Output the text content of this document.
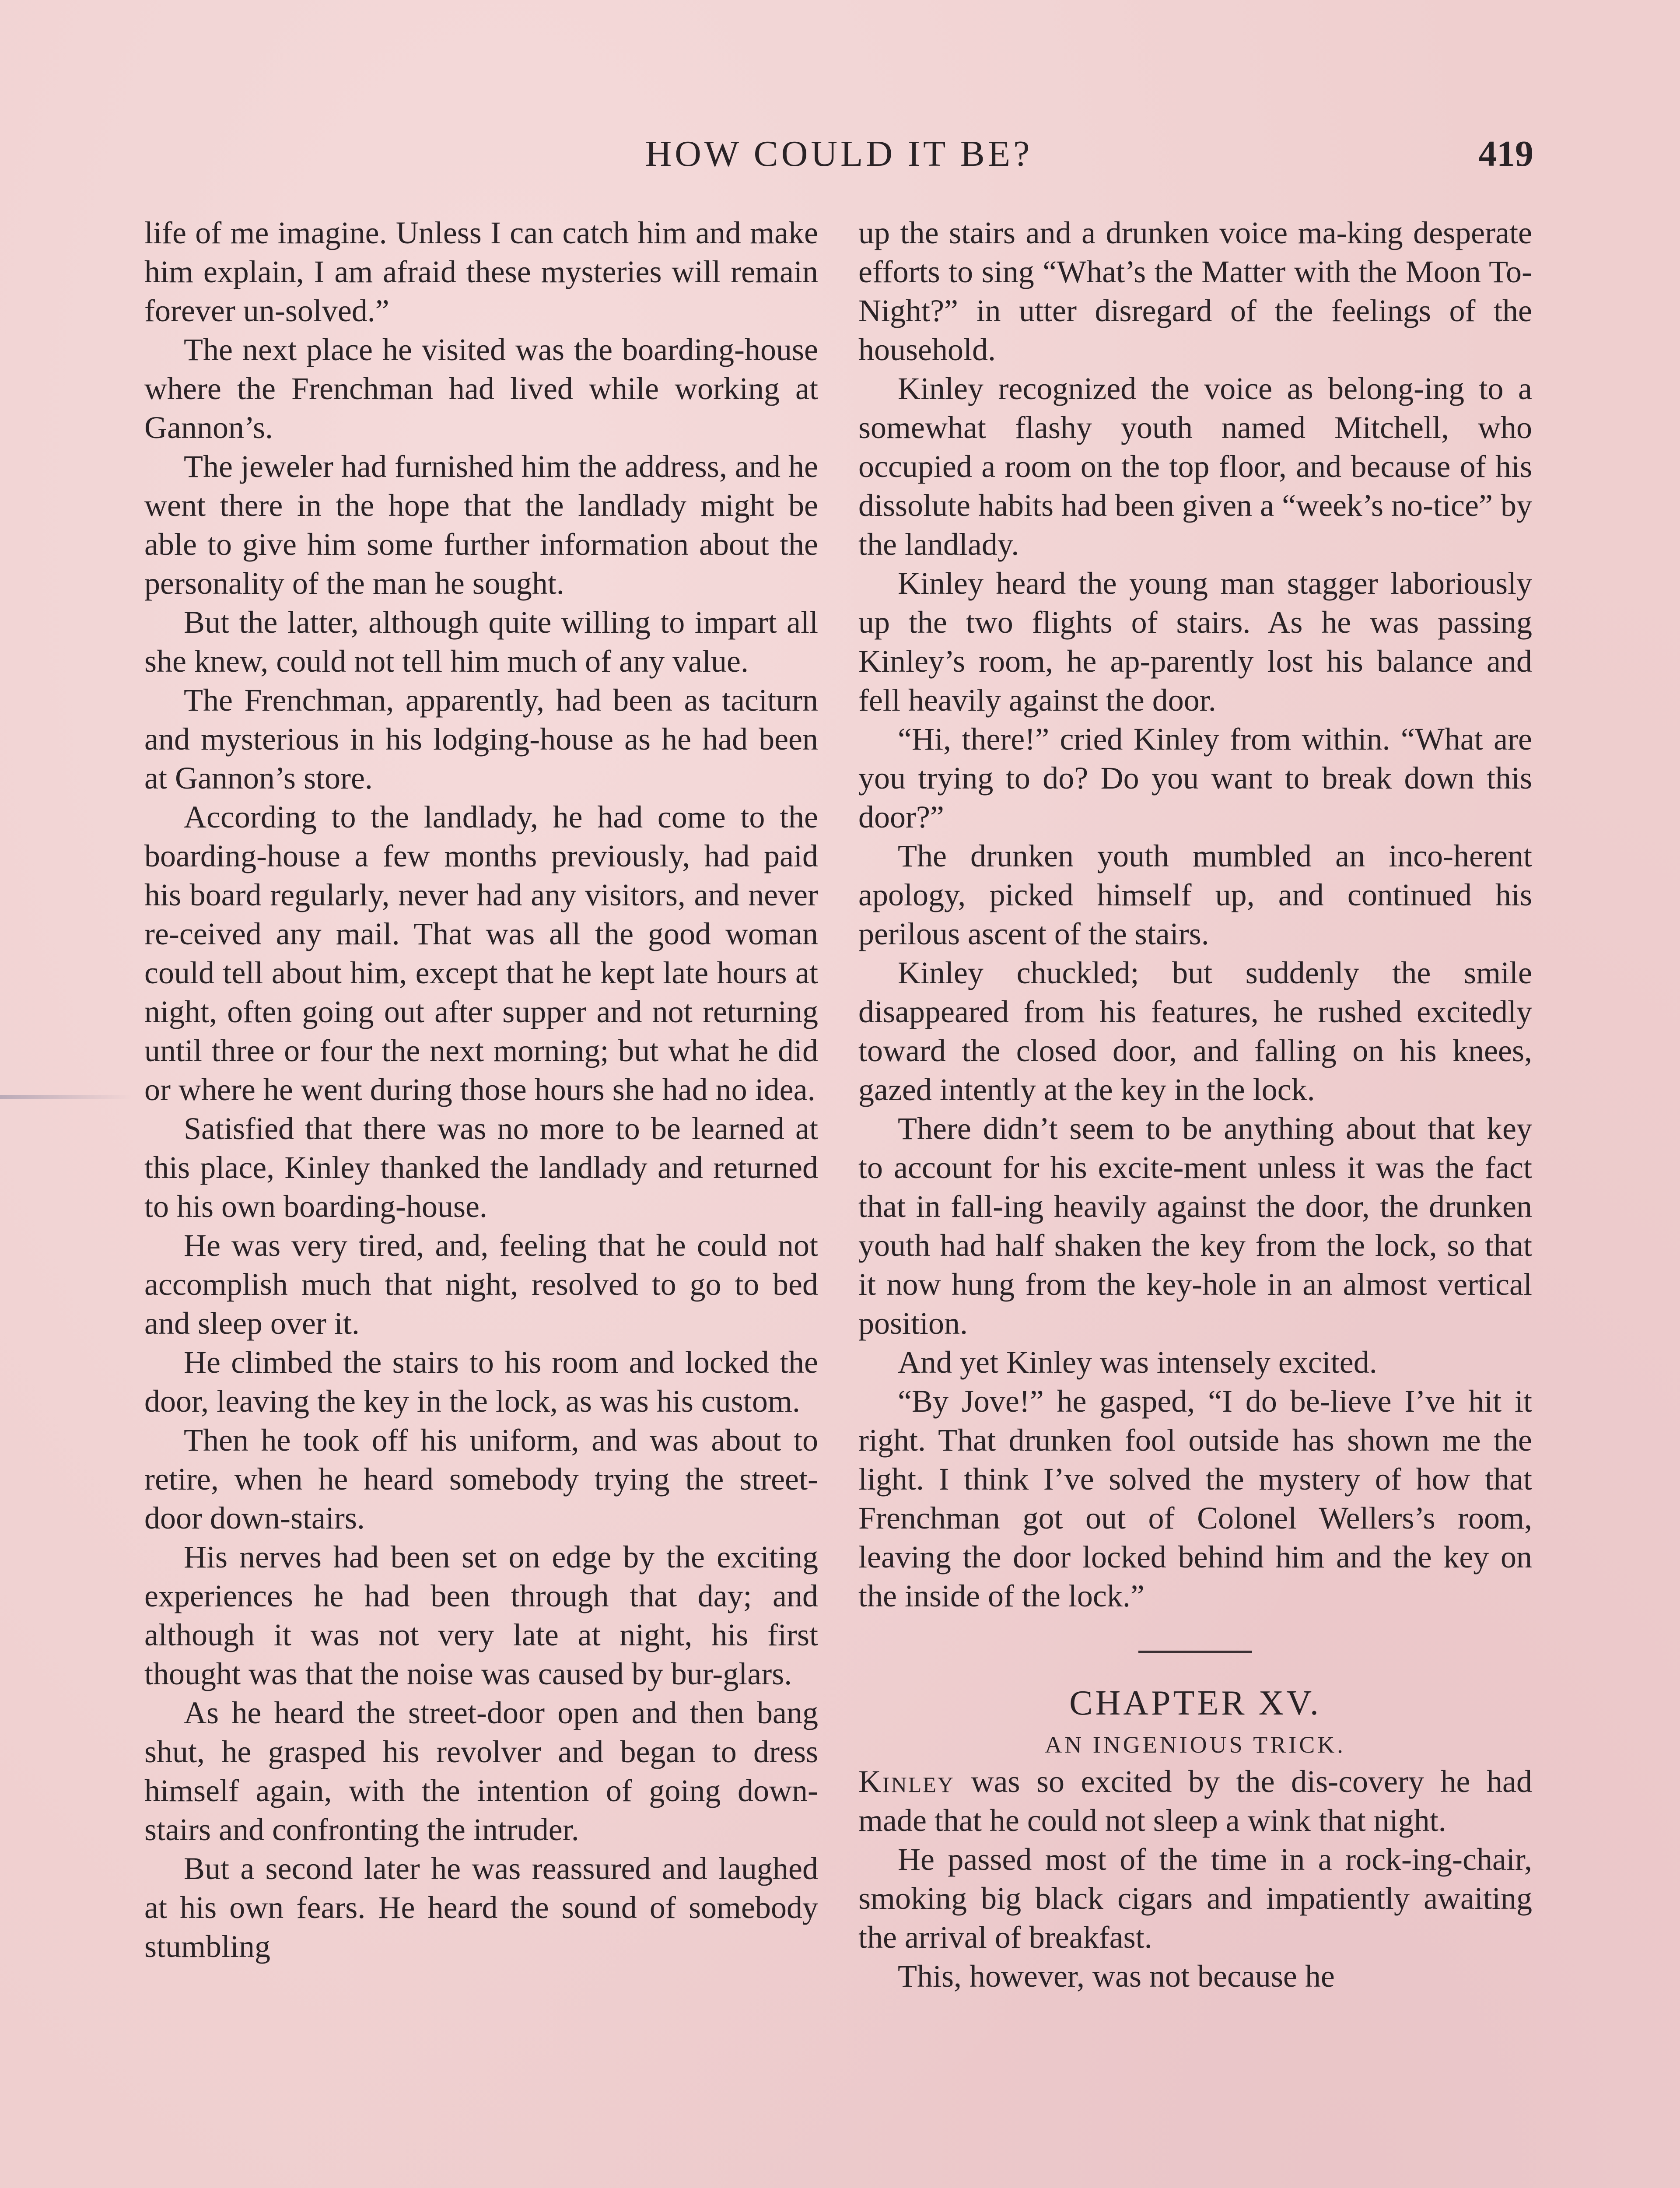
HOW COULD IT BE?	419

life of me imagine. Unless I can catch him and make him explain, I am afraid these mysteries will remain forever un-solved.”

The next place he visited was the boarding-house where the Frenchman had lived while working at Gannon’s.

The jeweler had furnished him the address, and he went there in the hope that the landlady might be able to give him some further information about the personality of the man he sought.

But the latter, although quite willing to impart all she knew, could not tell him much of any value.

The Frenchman, apparently, had been as taciturn and mysterious in his lodging-house as he had been at Gannon’s store.

According to the landlady, he had come to the boarding-house a few months previously, had paid his board regularly, never had any visitors, and never re-ceived any mail. That was all the good woman could tell about him, except that he kept late hours at night, often going out after supper and not returning until three or four the next morning; but what he did or where he went during those hours she had no idea.

Satisfied that there was no more to be learned at this place, Kinley thanked the landlady and returned to his own boarding-house.

He was very tired, and, feeling that he could not accomplish much that night, resolved to go to bed and sleep over it.

He climbed the stairs to his room and locked the door, leaving the key in the lock, as was his custom.

Then he took off his uniform, and was about to retire, when he heard somebody trying the street-door down-stairs.

His nerves had been set on edge by the exciting experiences he had been through that day; and although it was not very late at night, his first thought was that the noise was caused by bur-glars.

As he heard the street-door open and then bang shut, he grasped his revolver and began to dress himself again, with the intention of going down-stairs and confronting the intruder.

But a second later he was reassured and laughed at his own fears. He heard the sound of somebody stumbling

up the stairs and a drunken voice ma-king desperate efforts to sing “What’s the Matter with the Moon To-Night?” in utter disregard of the feelings of the household.

Kinley recognized the voice as belong-ing to a somewhat flashy youth named Mitchell, who occupied a room on the top floor, and because of his dissolute habits had been given a “week’s no-tice” by the landlady.

Kinley heard the young man stagger laboriously up the two flights of stairs. As he was passing Kinley’s room, he ap-parently lost his balance and fell heavily against the door.

“Hi, there!” cried Kinley from within. “What are you trying to do? Do you want to break down this door?”

The drunken youth mumbled an inco-herent apology, picked himself up, and continued his perilous ascent of the stairs.

Kinley chuckled; but suddenly the smile disappeared from his features, he rushed excitedly toward the closed door, and falling on his knees, gazed intently at the key in the lock.

There didn’t seem to be anything about that key to account for his excite-ment unless it was the fact that in fall-ing heavily against the door, the drunken youth had half shaken the key from the lock, so that it now hung from the key-hole in an almost vertical position.

And yet Kinley was intensely excited.

“By Jove!” he gasped, “I do be-lieve I’ve hit it right. That drunken fool outside has shown me the light. I think I’ve solved the mystery of how that Frenchman got out of Colonel Wellers’s room, leaving the door locked behind him and the key on the inside of the lock.”

CHAPTER XV.

AN INGENIOUS TRICK.

Kinley was so excited by the dis-covery he had made that he could not sleep a wink that night.

He passed most of the time in a rock-ing-chair, smoking big black cigars and impatiently awaiting the arrival of breakfast.

This, however, was not because he
